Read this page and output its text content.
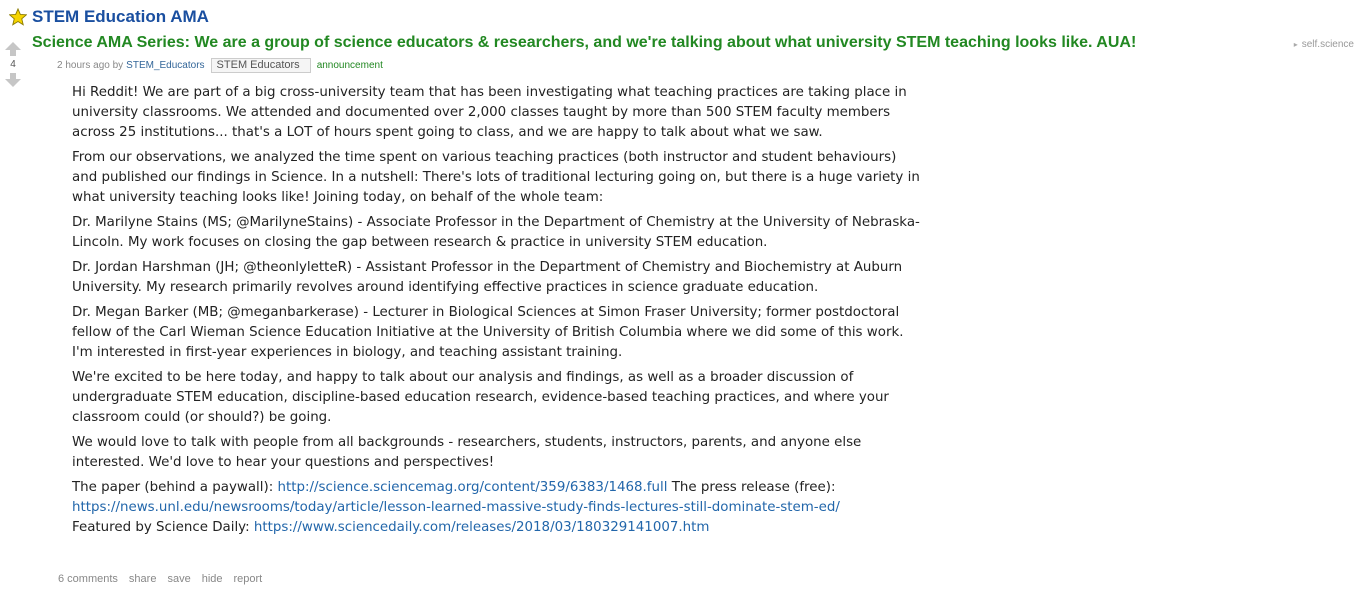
STEM Education AMA
4
Science AMA Series: We are a group of science educators & researchers, and we're talking about what university STEM teaching looks like. AUA!	▸ self.science
2 hours ago by STEM_Educators	STEM Educators	announcement

Hi Reddit! We are part of a big cross-university team that has been investigating what teaching practices are taking place in university classrooms. We attended and documented over 2,000 classes taught by more than 500 STEM faculty members across 25 institutions... that's a LOT of hours spent going to class, and we are happy to talk about what we saw.

From our observations, we analyzed the time spent on various teaching practices (both instructor and student behaviours) and published our findings in Science. In a nutshell: There's lots of traditional lecturing going on, but there is a huge variety in what university teaching looks like! Joining today, on behalf of the whole team:

Dr. Marilyne Stains (MS; @MarilyneStains) - Associate Professor in the Department of Chemistry at the University of Nebraska-Lincoln. My work focuses on closing the gap between research & practice in university STEM education.

Dr. Jordan Harshman (JH; @theonlyletteR) - Assistant Professor in the Department of Chemistry and Biochemistry at Auburn University. My research primarily revolves around identifying effective practices in science graduate education.

Dr. Megan Barker (MB; @meganbarkerase) - Lecturer in Biological Sciences at Simon Fraser University; former postdoctoral fellow of the Carl Wieman Science Education Initiative at the University of British Columbia where we did some of this work. I'm interested in first-year experiences in biology, and teaching assistant training.

We're excited to be here today, and happy to talk about our analysis and findings, as well as a broader discussion of undergraduate STEM education, discipline-based education research, evidence-based teaching practices, and where your classroom could (or should?) be going.

We would love to talk with people from all backgrounds - researchers, students, instructors, parents, and anyone else interested. We'd love to hear your questions and perspectives!

The paper (behind a paywall): http://science.sciencemag.org/content/359/6383/1468.full The press release (free):
https://news.unl.edu/newsrooms/today/article/lesson-learned-massive-study-finds-lectures-still-dominate-stem-ed/
Featured by Science Daily: https://www.sciencedaily.com/releases/2018/03/180329141007.htm

6 comments share save hide report
